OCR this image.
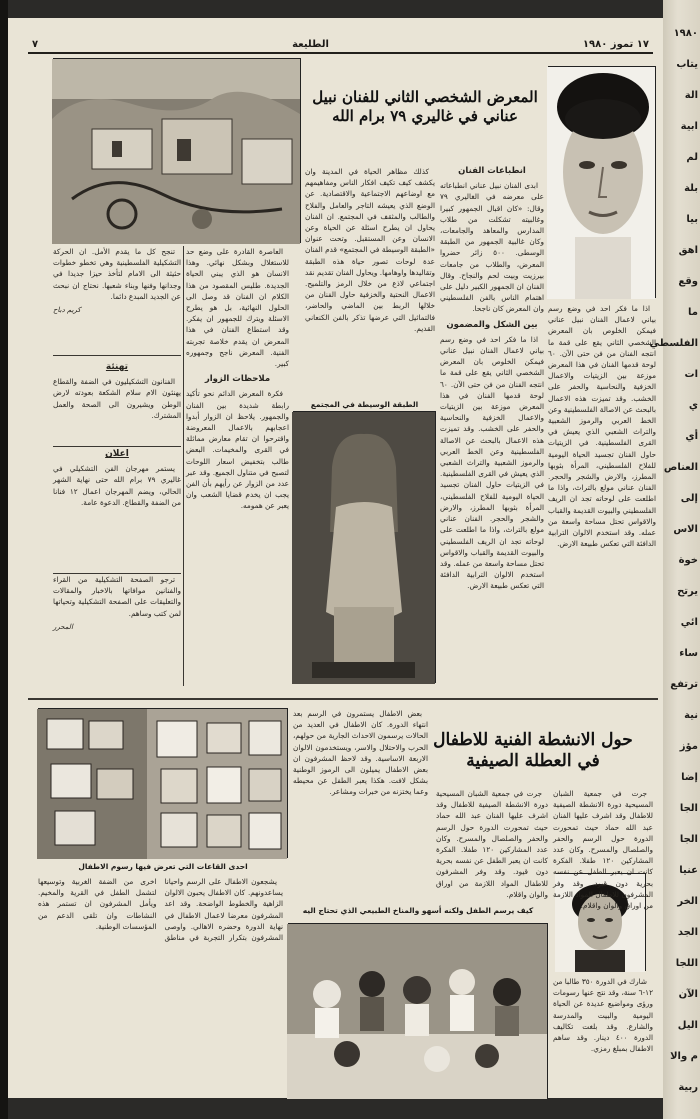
١٧ تموز ١٩٨٠
الطليعة
٧
المعرض الشخصي الثاني للفنان نبيل عناني في غاليري ٧٩ برام الله
الطبقة الوسيطة في المجتمع
انطباعات الفنان

ابدى الفنان نبيل عناني انطباعاته على معرضه في الغاليري ٧٩ وقال: «كان اقبال الجمهور كبيرا وغالبيته تشكلت من طلاب المدارس والمعاهد والجامعات، وكان غالبية الجمهور من الطبقة الوسطى. ٥٠٠ زائر حضروا المعرض، والطلاب من جامعات بيرزيت وبيت لحم والنجاح. وقال الفنان ان الجمهور الكبير دليل على اهتمام الناس بالفن الفلسطيني وان المعرض كان ناجحا.

بين الشكل والمضمون

اذا ما فكر احد في وضع رسم بياني لاعمال الفنان نبيل عناني فيمكن الخلوص بان المعرض الشخصي الثاني يقع على قمة ما انتجه الفنان من فن حتى الآن. ٦٠ لوحة قدمها الفنان في هذا المعرض موزعة بين الزيتيات والاعمال الخزفية والنحاسية والحفر على الخشب. وقد تميزت هذه الاعمال بالبحث عن الاصالة الفلسطينية وعن الخط العربي والرموز الشعبية والتراث الشعبي الذي يعيش في القرى الفلسطينية. في الزيتيات حاول الفنان تجسيد الحياة اليومية للفلاح الفلسطيني، المرأة بثوبها المطرز، والارض والشجر والحجر. الفنان عناني مولع بالتراث، واذا ما اطلعت على لوحاته تجد ان الريف الفلسطيني والبيوت القديمة والقباب والاقواس تحتل مساحة واسعة من عمله. وقد استخدم الالوان الترابية الدافئة التي تعكس طبيعة الارض.

اذا ما فكر احد في وضع رسم بياني لاعمال الفنان نبيل عناني فيمكن الخلوص بان المعرض الشخصي الثاني يقع على قمة ما انتجه الفنان من فن حتى الآن. ٦٠ لوحة قدمها الفنان في هذا المعرض موزعة بين الزيتيات والاعمال الخزفية والنحاسية والحفر على الخشب. وقد تميزت هذه الاعمال بالبحث عن الاصالة الفلسطينية وعن الخط العربي والرموز الشعبية والتراث الشعبي الذي يعيش في القرى الفلسطينية. في الزيتيات حاول الفنان تجسيد الحياة اليومية للفلاح الفلسطيني، المرأة بثوبها المطرز، والارض والشجر والحجر. الفنان عناني مولع بالتراث، واذا ما اطلعت على لوحاته تجد ان الريف الفلسطيني والبيوت القديمة والقباب والاقواس تحتل مساحة واسعة من عمله. وقد استخدم الالوان الترابية الدافئة التي تعكس طبيعة الارض.

كذلك مظاهر الحياة في المدينة وان يكشف كيف تكيف افكار الناس ومفاهيمهم مع اوضاعهم الاجتماعية والاقتصادية. عن الوضع الذي يعيشه التاجر والعامل والفلاح والطالب والمثقف في المجتمع. ان الفنان يحاول ان يطرح اسئلة عن الحياة وعن الانسان وعن المستقبل. وتحت عنوان «الطبقة الوسيطة في المجتمع» قدم الفنان عدة لوحات تصور حياة هذه الطبقة وتقاليدها واوهامها. ويحاول الفنان تقديم نقد اجتماعي لاذع من خلال الرمز والتلميح. الاعمال النحتية والخزفية حاول الفنان من خلالها الربط بين الماضي والحاضر، فالتماثيل التي عرضها تذكر بالفن الكنعاني القديم.

العاصرة القادرة على وضع حد للاستغلال وبشكل نهائي. وهذا الانسان هو الذي يبني الحياة الجديدة. طليس المقصود من هذا الكلام ان الفنان قد وصل الى الحلول النهائية، بل هو يطرح الاسئلة ويترك للجمهور ان يفكر. وقد استطاع الفنان في هذا المعرض ان يقدم خلاصة تجربته الفنية. المعرض ناجح وجمهوره كبير.

ملاحظات الزوار

فكرة المعرض الدائم نحو تأكيد رابطة شديدة بين الفنان والجمهور. يلاحظ ان الزوار أبدوا اعجابهم بالاعمال المعروضة واقترحوا ان تقام معارض مماثلة في القرى والمخيمات. البعض طالب بتخفيض اسعار اللوحات لتصبح في متناول الجميع. وقد عبر عدد من الزوار عن رأيهم بأن الفن يجب ان يخدم قضايا الشعب وان يعبر عن همومه.

تنجح كل ما يقدم الأمل. ان الحركة التشكيلية الفلسطينية وهي تخطو خطوات حثيثة الى الامام لتأخذ حيزا جديدا في وجدانها وفنها وبناء شعبها. نحتاج ان نبحث عن الجديد المبدع دائما.

كريم دباح
تهنئة

الفنانون التشكيليون في الضفة والقطاع يهنئون الام سلام الشكعة بعودته لارض الوطن ويشيرون الى الصحة والعمل المشترك.

اعلان

يستمر مهرجان الفن التشكيلي في غاليري ٧٩ برام الله حتى نهاية الشهر الحالي، ويضم المهرجان اعمال ١٢ فنانا من الضفة والقطاع. الدعوة عامة.

ترجو الصفحة التشكيلية من القراء والفنانين موافاتها بالاخبار والمقالات والتعليقات على الصفحة التشكيلية وتحياتها لمن كتب وساهم.

المحرر
حول الانشطة الفنية للاطفال في العطلة الصيفية
احدى القاعات التي تعرض فيها رسوم الاطفال
كيف يرسم الطفل ولكنه أسهو والمناخ الطبيعي الذي تحتاج اليه

جرت في جمعية الشبان المسيحية دورة الانشطة الصيفية للاطفال وقد اشرف عليها الفنان عبد الله حماد حيث تمحورت الدورة حول الرسم والحفر والصلصال والمسرح. وكان عدد المشاركين ١٢٠ طفلا. الفكرة كانت ان يعبر الطفل عن نفسه بحرية دون قيود. وقد وفر المشرفون للاطفال المواد اللازمة من اوراق والوان واقلام.

شارك في الدورة ٣٥٠ طالبا من ١٢-٦ سنة، وقد نتج عنها رسومات ورؤى ومواضيع عديدة عن الحياة اليومية والبيت والمدرسة والشارع. وقد بلغت تكاليف الدورة ٤٠٠ دينار. وقد ساهم الاطفال بمبلغ رمزي.

جرت في جمعية الشبان المسيحية دورة الانشطة الصيفية للاطفال وقد اشرف عليها الفنان عبد الله حماد حيث تمحورت الدورة حول الرسم والحفر والصلصال والمسرح. وكان عدد المشاركين ١٢٠ طفلا. الفكرة كانت ان يعبر الطفل عن نفسه بحرية دون قيود. وقد وفر المشرفون للاطفال المواد اللازمة من اوراق والوان واقلام.

بعض الاطفال يستمرون في الرسم بعد انتهاء الدورة. كان الاطفال في العديد من الحالات يرسمون الاحداث الجارية من حولهم، الحرب والاحتلال والاسر، ويستخدمون الالوان الاربعة الاساسية. وقد لاحظ المشرفون ان بعض الاطفال يميلون الى الرموز الوطنية بشكل لافت. هكذا يعبر الطفل عن محيطه وعما يختزنه من خبرات ومشاعر.

يشجعون الاطفال على الرسم واحيانا يساعدونهم. كان الاطفال يحبون الالوان الزاهية والخطوط الواضحة. وقد اعد المشرفون معرضا لاعمال الاطفال في نهاية الدورة وحضره الاهالي. واوصى المشرفون بتكرار التجربة في مناطق اخرى من الضفة الغربية وتوسيعها لتشمل الطفل في القرية والمخيم. ويأمل المشرفون ان تستمر هذه النشاطات وان تلقى الدعم من المؤسسات الوطنية.

١٩٨٠
يتاب
الة
ابية
لم
بلة
بيا
اهق
وقع
ما
الفلسطي
ات
ي
أي
العناص
إلى
الاس
خوة
يرتح
ائي
ساء
ترتفع
نية
مؤز
إضا
الجا
الجا
عنيا
الخر
الجد
اللجا
الآن
اليل
م والا
ربية
